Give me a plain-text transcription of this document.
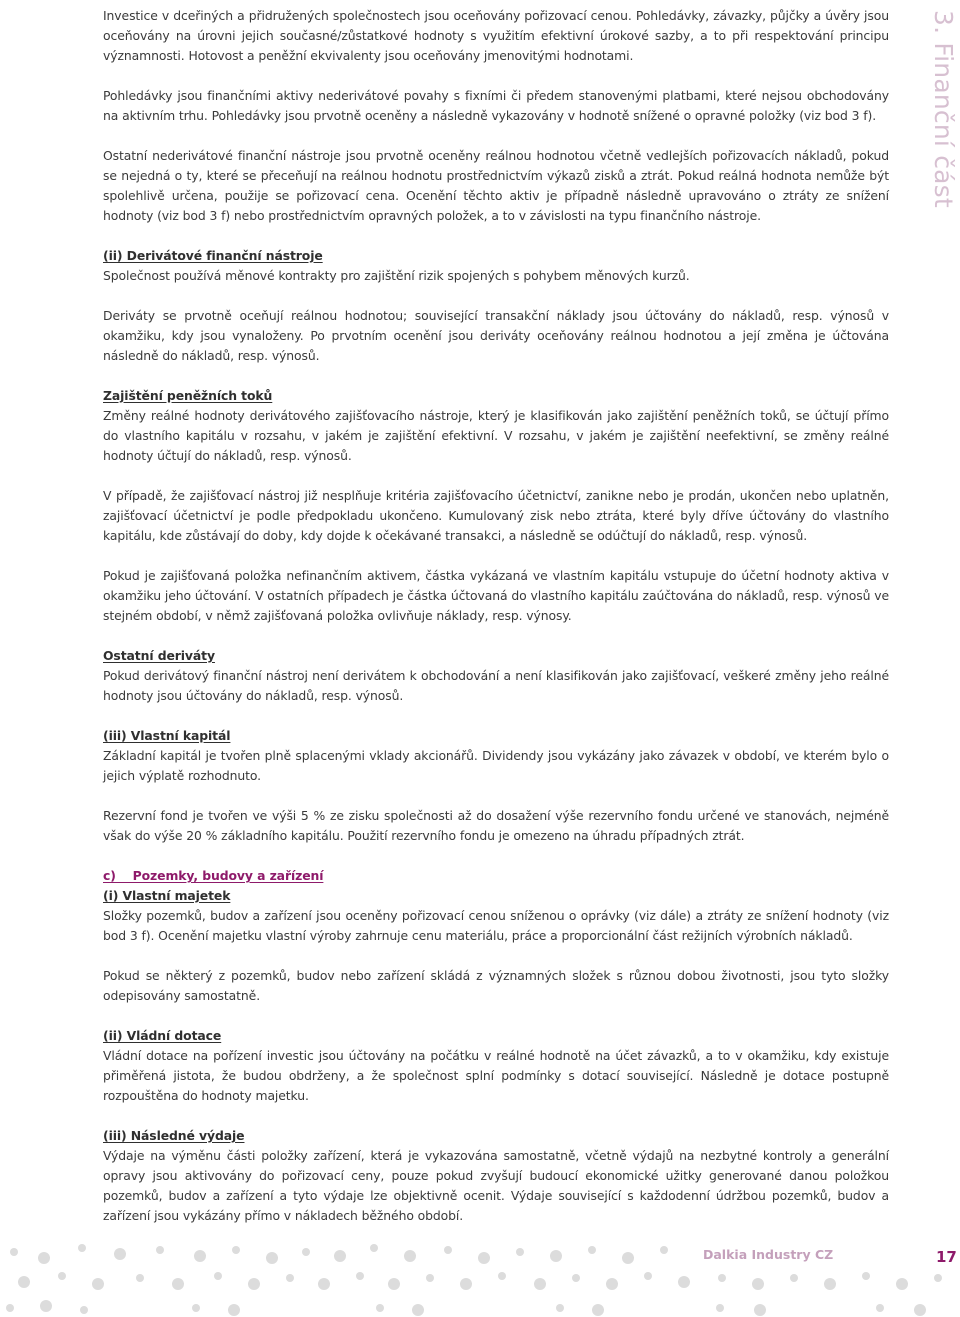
3. Finanční část

Investice v dceřiných a přidružených společnostech jsou oceňovány pořizovací cenou. Pohledávky, závazky, půjčky a úvěry jsou oceňovány na úrovni jejich současné/zůstatkové hodnoty s využitím efektivní úrokové sazby, a to při respektování principu významnosti. Hotovost a peněžní ekvivalenty jsou oceňovány jmenovitými hodnotami.

Pohledávky jsou finančními aktivy nederivátové povahy s fixními či předem stanovenými platbami, které nejsou obchodovány na aktivním trhu. Pohledávky jsou prvotně oceněny a následně vykazovány v hodnotě snížené o opravné položky (viz bod 3 f).

Ostatní nederivátové finanční nástroje jsou prvotně oceněny reálnou hodnotou včetně vedlejších pořizovacích nákladů, pokud se nejedná o ty, které se přeceňují na reálnou hodnotu prostřednictvím výkazů zisků a ztrát. Pokud reálná hodnota nemůže být spolehlivě určena, použije se pořizovací cena. Ocenění těchto aktiv je případně následně upravováno o ztráty ze snížení hodnoty (viz bod 3 f) nebo prostřednictvím opravných položek, a to v závislosti na typu finančního nástroje.

(ii) Derivátové finanční nástroje

Společnost používá měnové kontrakty pro zajištění rizik spojených s pohybem měnových kurzů.

Deriváty se prvotně oceňují reálnou hodnotou; související transakční náklady jsou účtovány do nákladů, resp. výnosů v okamžiku, kdy jsou vynaloženy. Po prvotním ocenění jsou deriváty oceňovány reálnou hodnotou a její změna je účtována následně do nákladů, resp. výnosů.

Zajištění peněžních toků

Změny reálné hodnoty derivátového zajišťovacího nástroje, který je klasifikován jako zajištění peněžních toků, se účtují přímo do vlastního kapitálu v rozsahu, v jakém je zajištění efektivní. V rozsahu, v jakém je zajištění neefektivní, se změny reálné hodnoty účtují do nákladů, resp. výnosů.

V případě, že zajišťovací nástroj již nesplňuje kritéria zajišťovacího účetnictví, zanikne nebo je prodán, ukončen nebo uplatněn, zajišťovací účetnictví je podle předpokladu ukončeno. Kumulovaný zisk nebo ztráta, které byly dříve účtovány do vlastního kapitálu, kde zůstávají do doby, kdy dojde k očekávané transakci, a následně se odúčtují do nákladů, resp. výnosů.

Pokud je zajišťovaná položka nefinančním aktivem, částka vykázaná ve vlastním kapitálu vstupuje do účetní hodnoty aktiva v okamžiku jeho účtování. V ostatních případech je částka účtovaná do vlastního kapitálu zaúčtována do nákladů, resp. výnosů ve stejném období, v němž zajišťovaná položka ovlivňuje náklady, resp. výnosy.

Ostatní deriváty

Pokud derivátový finanční nástroj není derivátem k obchodování a není klasifikován jako zajišťovací, veškeré změny jeho reálné hodnoty jsou účtovány do nákladů, resp. výnosů.

(iii) Vlastní kapitál

Základní kapitál je tvořen plně splacenými vklady akcionářů. Dividendy jsou vykázány jako závazek v období, ve kterém bylo o jejich výplatě rozhodnuto.

Rezervní fond je tvořen ve výši 5 % ze zisku společnosti až do dosažení výše rezervního fondu určené ve stanovách, nejméně však do výše 20 % základního kapitálu. Použití rezervního fondu je omezeno na úhradu případných ztrát.

c)    Pozemky, budovy a zařízení
(i) Vlastní majetek

Složky pozemků, budov a zařízení jsou oceněny pořizovací cenou sníženou o oprávky (viz dále) a ztráty ze snížení hodnoty (viz bod 3 f). Ocenění majetku vlastní výroby zahrnuje cenu materiálu, práce a proporcionální část režijních výrobních nákladů.

Pokud se některý z pozemků, budov nebo zařízení skládá z významných složek s různou dobou životnosti, jsou tyto složky odepisovány samostatně.

(ii) Vládní dotace

Vládní dotace na pořízení investic jsou účtovány na počátku v reálné hodnotě na účet závazků, a to v okamžiku, kdy existuje přiměřená jistota, že budou obdrženy, a že společnost splní podmínky s dotací související. Následně je dotace postupně rozpouštěna do hodnoty majetku.

(iii) Následné výdaje

Výdaje na výměnu části položky zařízení, která je vykazována samostatně, včetně výdajů na nezbytné kontroly a generální opravy jsou aktivovány do pořizovací ceny, pouze pokud zvyšují budoucí ekonomické užitky generované danou položkou pozemků, budov a zařízení a tyto výdaje lze objektivně ocenit. Výdaje související s každodenní údržbou pozemků, budov a zařízení jsou vykázány přímo v nákladech běžného období.

Dalkia Industry CZ	17
